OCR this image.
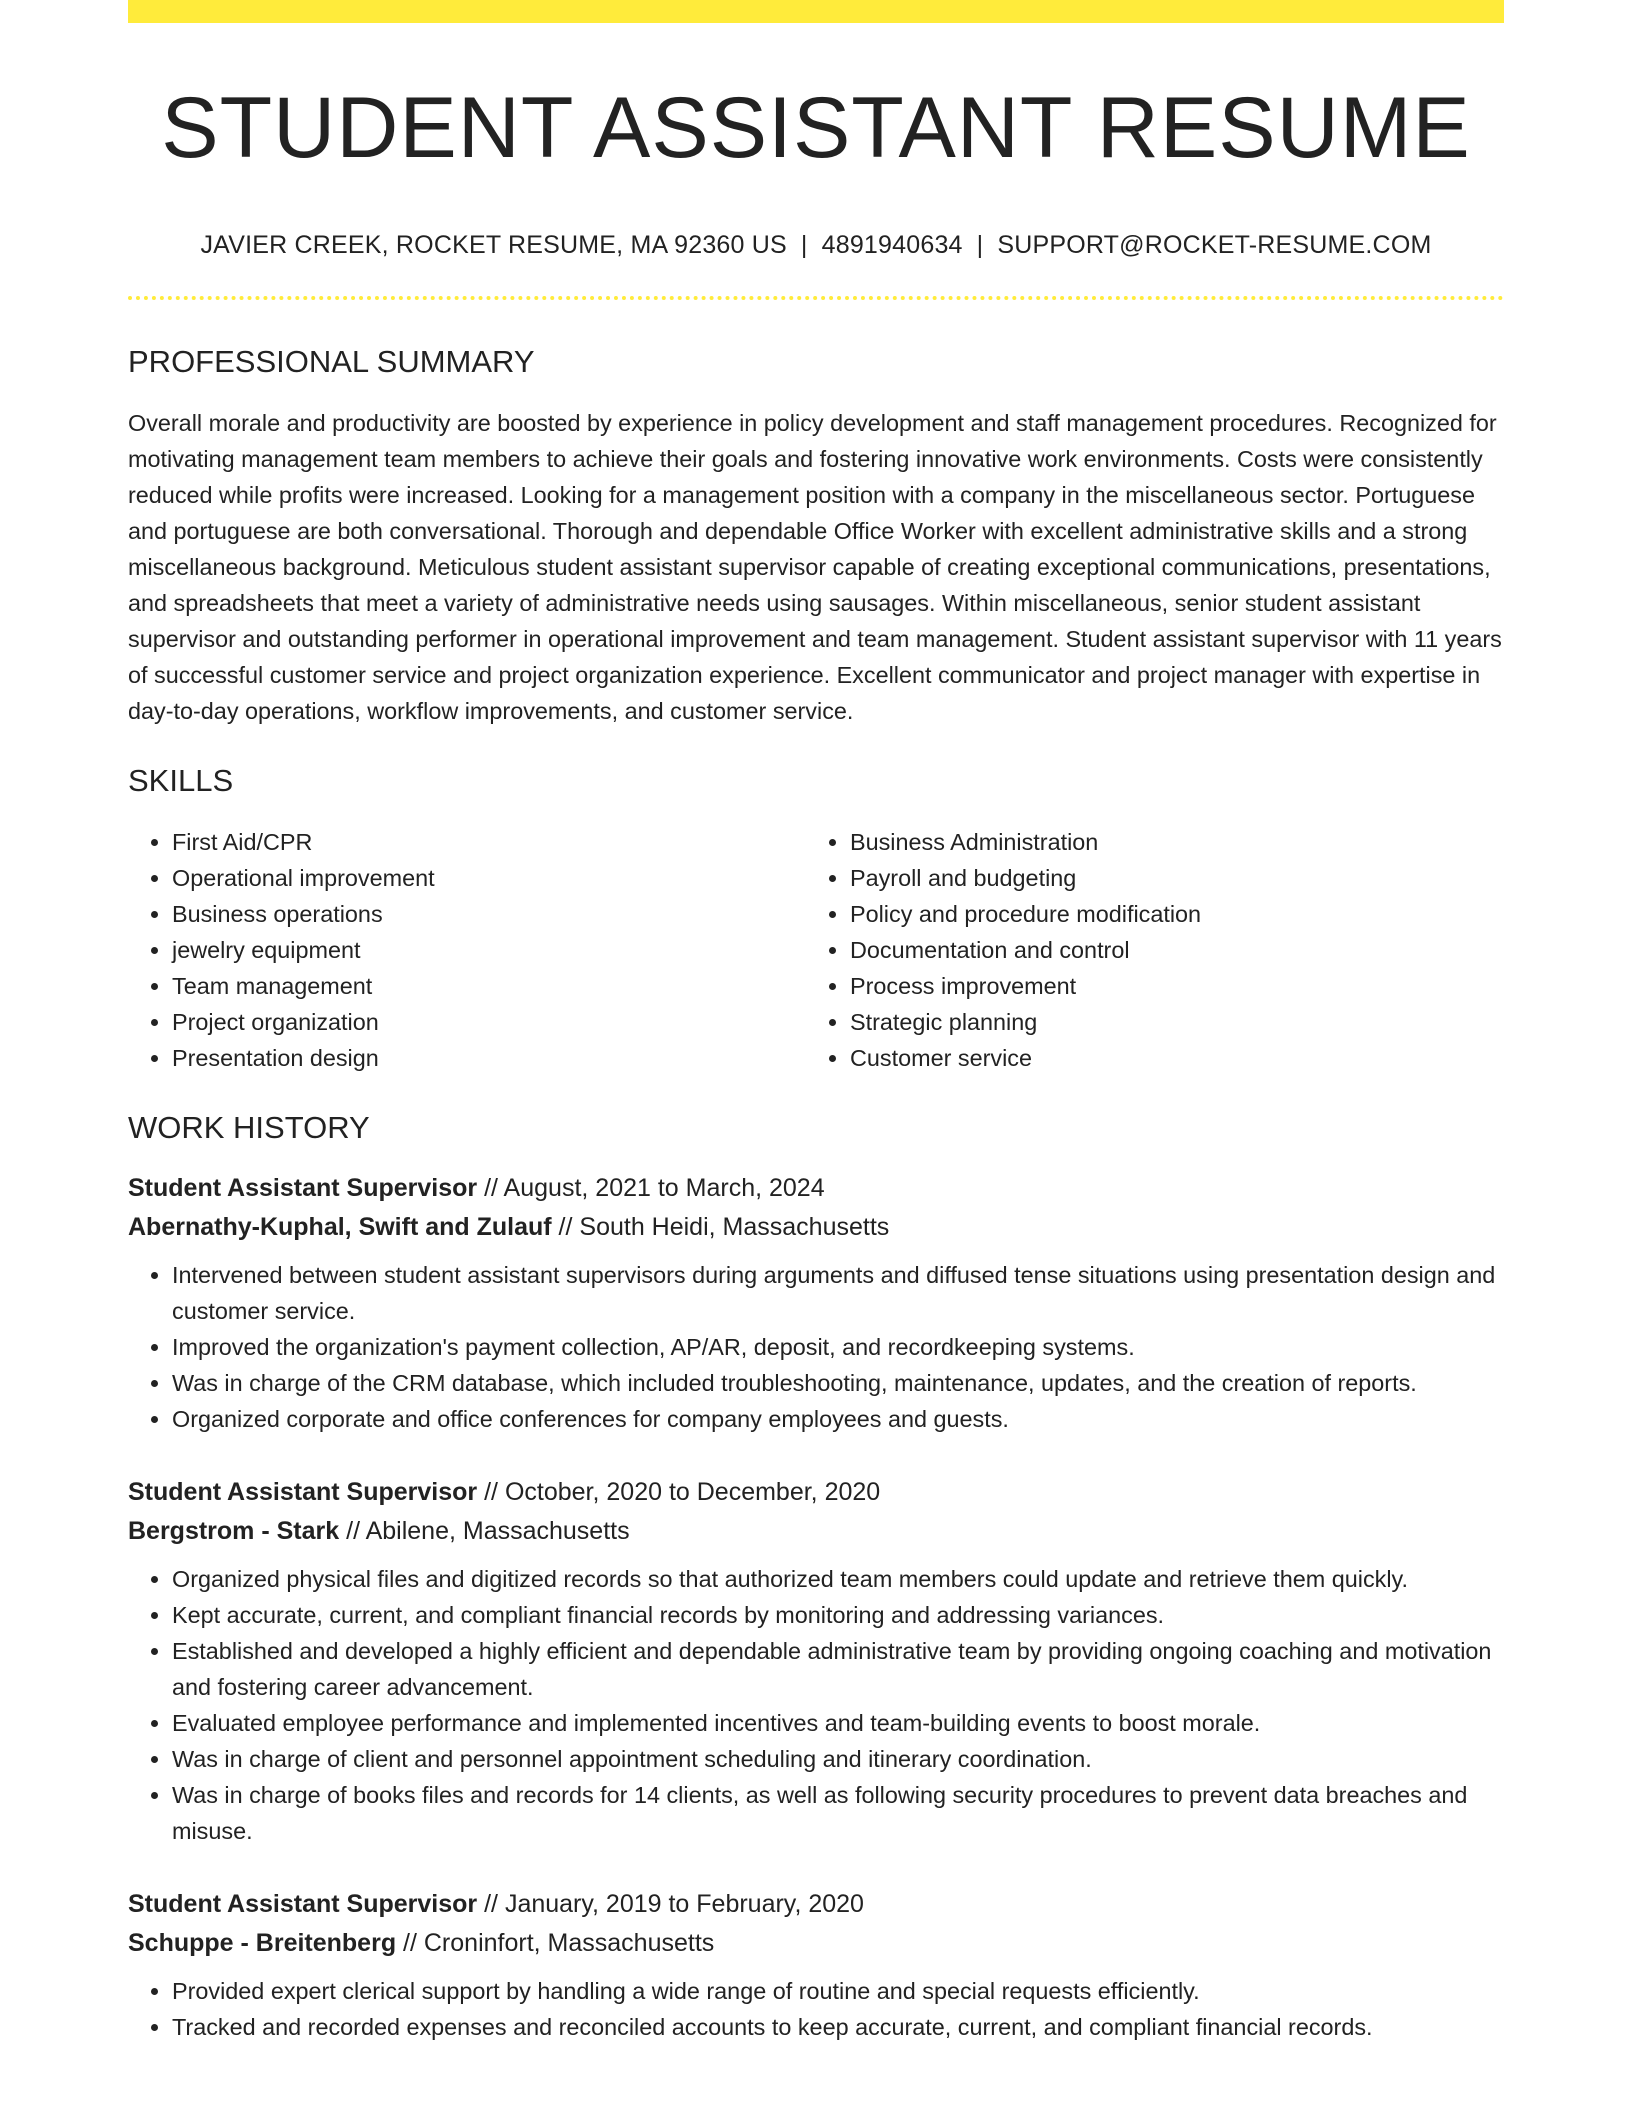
STUDENT ASSISTANT RESUME
JAVIER CREEK, ROCKET RESUME, MA 92360 US | 4891940634 | SUPPORT@ROCKET-RESUME.COM
PROFESSIONAL SUMMARY

Overall morale and productivity are boosted by experience in policy development and staff management procedures. Recognized for motivating management team members to achieve their goals and fostering innovative work environments. Costs were consistently reduced while profits were increased. Looking for a management position with a company in the miscellaneous sector. Portuguese and portuguese are both conversational. Thorough and dependable Office Worker with excellent administrative skills and a strong miscellaneous background. Meticulous student assistant supervisor capable of creating exceptional communications, presentations, and spreadsheets that meet a variety of administrative needs using sausages. Within miscellaneous, senior student assistant supervisor and outstanding performer in operational improvement and team management. Student assistant supervisor with 11 years of successful customer service and project organization experience. Excellent communicator and project manager with expertise in day-to-day operations, workflow improvements, and customer service.

SKILLS
• First Aid/CPR
• Operational improvement
• Business operations
• jewelry equipment
• Team management
• Project organization
• Presentation design
• Business Administration
• Payroll and budgeting
• Policy and procedure modification
• Documentation and control
• Process improvement
• Strategic planning
• Customer service
WORK HISTORY
Student Assistant Supervisor // August, 2021 to March, 2024
Abernathy-Kuphal, Swift and Zulauf // South Heidi, Massachusetts
• Intervened between student assistant supervisors during arguments and diffused tense situations using presentation design and customer service.
• Improved the organization's payment collection, AP/AR, deposit, and recordkeeping systems.
• Was in charge of the CRM database, which included troubleshooting, maintenance, updates, and the creation of reports.
• Organized corporate and office conferences for company employees and guests.
Student Assistant Supervisor // October, 2020 to December, 2020
Bergstrom - Stark // Abilene, Massachusetts
• Organized physical files and digitized records so that authorized team members could update and retrieve them quickly.
• Kept accurate, current, and compliant financial records by monitoring and addressing variances.
• Established and developed a highly efficient and dependable administrative team by providing ongoing coaching and motivation and fostering career advancement.
• Evaluated employee performance and implemented incentives and team-building events to boost morale.
• Was in charge of client and personnel appointment scheduling and itinerary coordination.
• Was in charge of books files and records for 14 clients, as well as following security procedures to prevent data breaches and misuse.
Student Assistant Supervisor // January, 2019 to February, 2020
Schuppe - Breitenberg // Croninfort, Massachusetts
• Provided expert clerical support by handling a wide range of routine and special requests efficiently.
• Tracked and recorded expenses and reconciled accounts to keep accurate, current, and compliant financial records.
